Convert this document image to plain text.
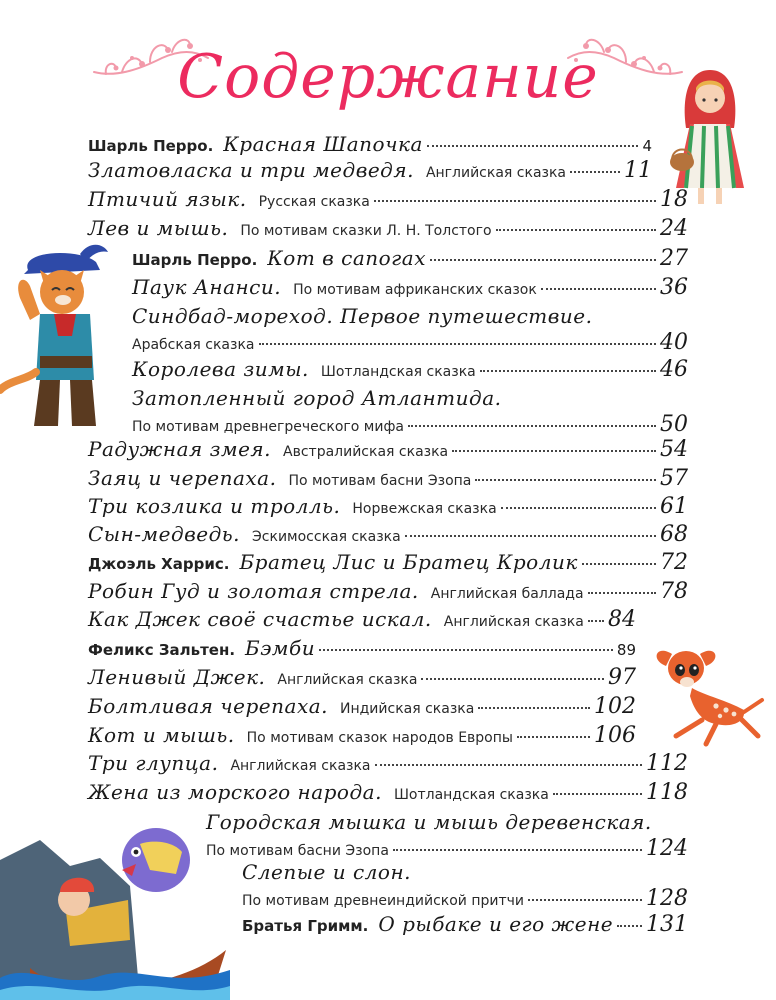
Содержание
Шарль Перро. Красная Шапочка	4
Златовласка и три медведя. Английская сказка	11
Птичий язык. Русская сказка	18
Лев и мышь. По мотивам сказки Л. Н. Толстого	24
Шарль Перро. Кот в сапогах	27
Паук Ананси. По мотивам африканских сказок	36
Синдбад-мореход. Первое путешествие.
Арабская сказка	40
Королева зимы. Шотландская сказка	46
Затопленный город Атлантида.
По мотивам древнегреческого мифа	50
Радужная змея. Австралийская сказка	54
Заяц и черепаха. По мотивам басни Эзопа	57
Три козлика и тролль. Норвежская сказка	61
Сын-медведь. Эскимосская сказка	68
Джоэль Харрис. Братец Лис и Братец Кролик	72
Робин Гуд и золотая стрела. Английская баллада	78
Как Джек своё счастье искал. Английская сказка 84
Феликс Зальтен. Бэмби	89
Ленивый Джек. Английская сказка	97
Болтливая черепаха. Индийская сказка	102
Кот и мышь. По мотивам сказок народов Европы	106
Три глупца. Английская сказка	112
Жена из морского народа. Шотландская сказка	118
Городская мышка и мышь деревенская.
По мотивам басни Эзопа	124
Слепые и слон.
По мотивам древнеиндийской притчи	128
Братья Гримм. О рыбаке и его жене 131
